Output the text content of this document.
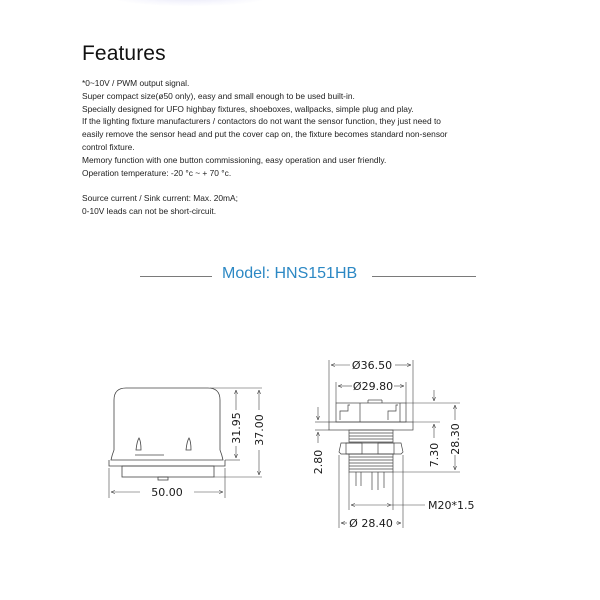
Features

*0~10V / PWM output signal.

Super compact size(ø50 only), easy and small enough to be used built-in.

Specially designed for UFO highbay fixtures, shoeboxes, wallpacks, simple plug and play.

If the lighting fixture manufacturers / contactors do not want the sensor function, they just need to

easily remove the sensor head and put the cover cap on, the fixture becomes standard non-sensor

control fixture.

Memory function with one button commissioning, easy operation and user friendly.

Operation temperature: -20 °c ~ + 70 °c.

Source current / Sink current: Max. 20mA;

0-10V leads can not be short-circuit.

Model: HNS151HB
50.00
31.95 37.00
Ø36.50
Ø29.80
2.80	7.30
28.30
M20*1.5
Ø 28.40
